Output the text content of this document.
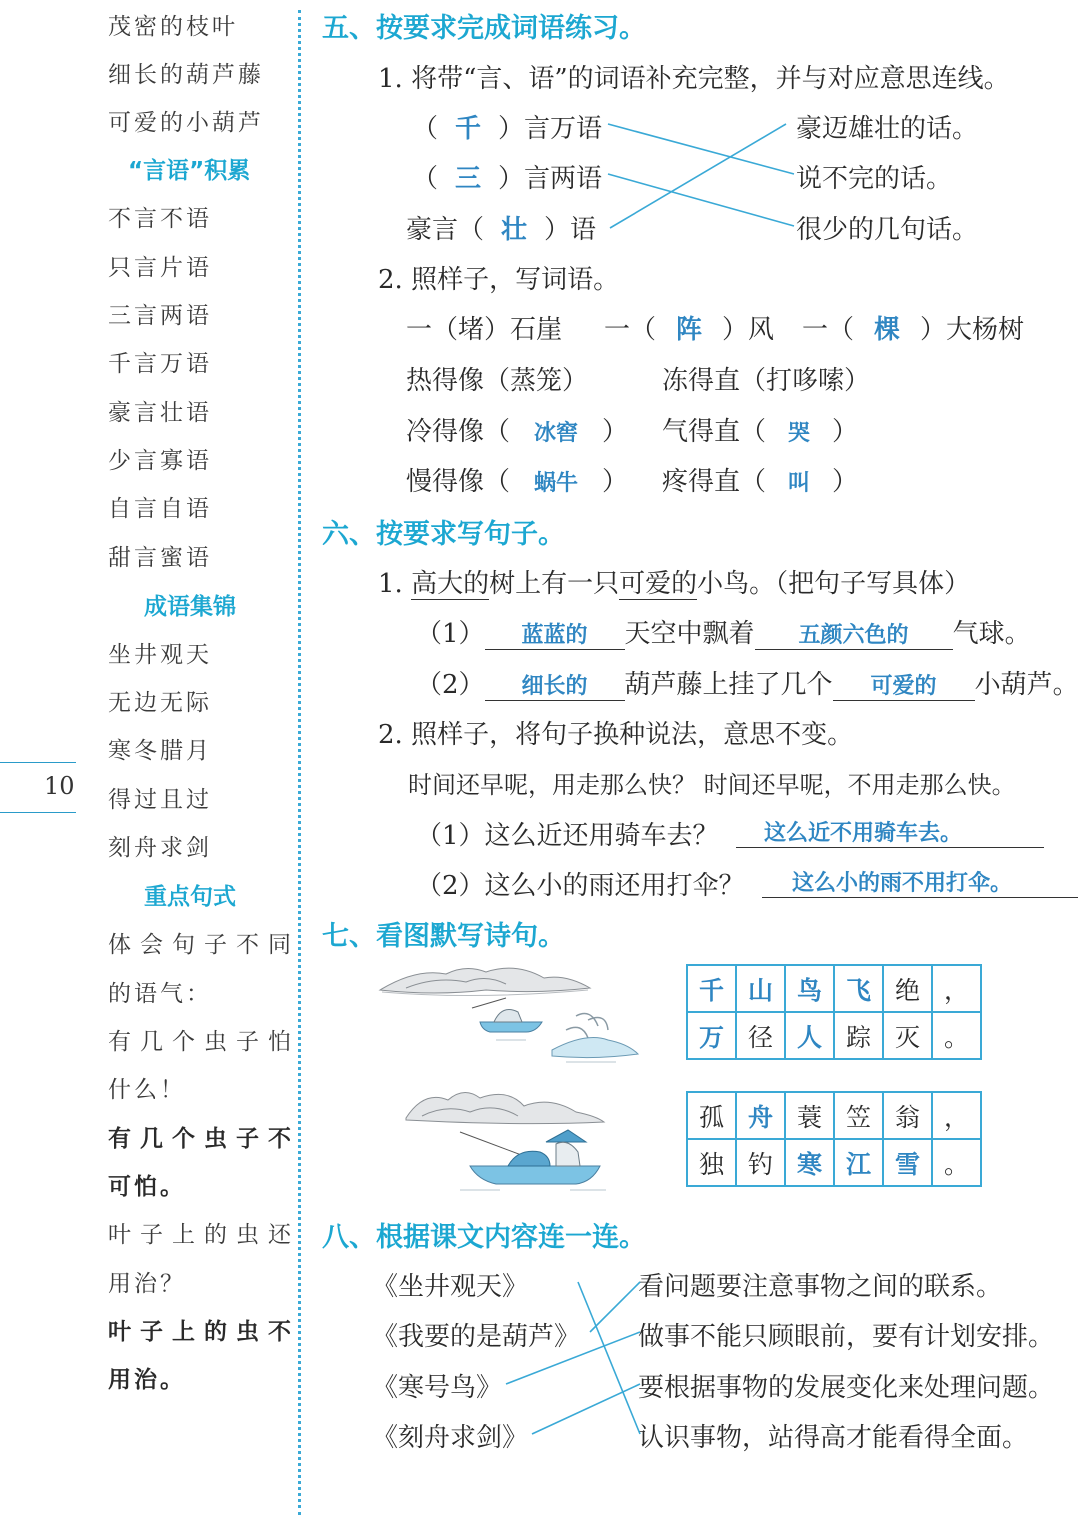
茂密的枝叶
细长的葫芦藤
可爱的小葫芦
“言语”积累
不言不语
只言片语
三言两语
千言万语
豪言壮语
少言寡语
自言自语
甜言蜜语
成语集锦
坐井观天
无边无际
寒冬腊月
得过且过
刻舟求剑
重点句式
体会句子不同
的语气：
有几个虫子怕
什么！
有几个虫子不
可怕。
叶子上的虫还
用治？
叶子上的虫不
用治。
10
五、按要求完成词语练习。
1. 将带“言、语”的词语补充完整，并与对应意思连线。
（ 千 ）言万语
（ 三 ）言两语
豪言（ 壮 ）语
豪迈雄壮的话。
说不完的话。
很少的几句话。
2. 照样子，写词语。
一（堵）石崖 一（ 阵 ）风 一（ 棵 ）大杨树
热得像（蒸笼）	冻得直（打哆嗦）
冷得像（ 冰窖 ） 气得直（ 哭 ）
慢得像（ 蜗牛 ） 疼得直（ 叫 ）
六、按要求写句子。
1. 高大的树上有一只可爱的小鸟。（把句子写具体）
（1） 蓝蓝的 天空中飘着 五颜六色的 气球。
（2） 细长的 葫芦藤上挂了几个 可爱的 小葫芦。
2. 照样子，将句子换种说法，意思不变。
时间还早呢，用走那么快？ 时间还早呢，不用走那么快。
（1）这么近还用骑车去？	这么近不用骑车去。
（2）这么小的雨还用打伞？	这么小的雨不用打伞。
七、看图默写诗句。
千	山	鸟	飞	绝	，
万	径	人	踪	灭	。
孤	舟	蓑	笠	翁	，
独	钓	寒	江	雪	。
八、根据课文内容连一连。
《坐井观天》
《我要的是葫芦》
《寒号鸟》
《刻舟求剑》
看问题要注意事物之间的联系。
做事不能只顾眼前，要有计划安排。
要根据事物的发展变化来处理问题。
认识事物，站得高才能看得全面。
